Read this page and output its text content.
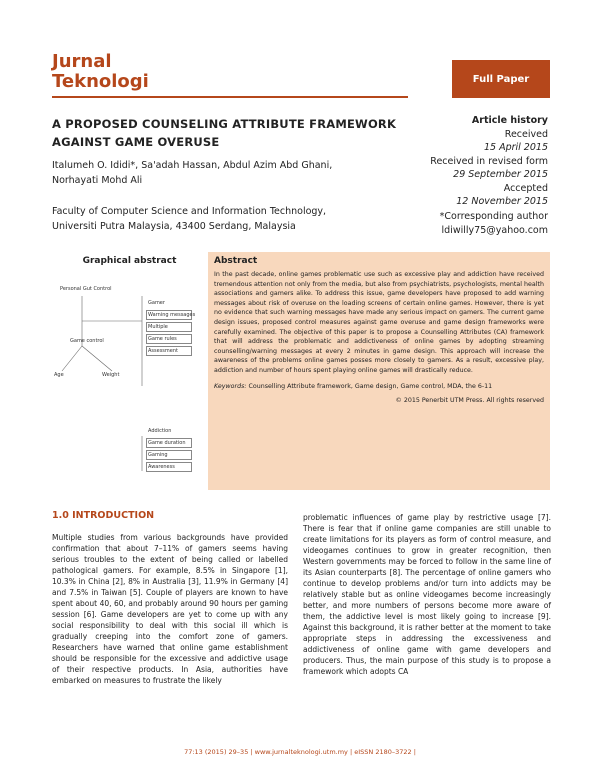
Jurnal
Teknologi	Full Paper
A PROPOSED COUNSELING ATTRIBUTE FRAMEWORK
AGAINST GAME OVERUSE
Italumeh O. Ididi*, Sa'adah Hassan, Abdul Azim Abd Ghani,
Norhayati Mohd Ali
Faculty of Computer Science and Information Technology,
Universiti Putra Malaysia, 43400 Serdang, Malaysia
Article history
Received
15 April 2015
Received in revised form
29 September 2015
Accepted
12 November 2015
*Corresponding author
ldiwilly75@yahoo.com
Graphical abstract
Personal Gut Control
Game control
Age	Weight
Gamer
Warning messages
Multiple
Game rules
Assessment
Addiction
Game duration
Gaming
Awareness
Abstract
In the past decade, online games problematic use such as excessive play and addiction have received tremendous attention not only from the media, but also from psychiatrists, psychologists, mental health associations and gamers alike. To address this issue, game developers have proposed to add warning messages about risk of overuse on the loading screens of certain online games. However, there is yet no evidence that such warning messages have made any serious impact on gamers. The current game design issues, proposed control measures against game overuse and game design frameworks were carefully examined. The objective of this paper is to propose a Counselling Attributes (CA) framework that will address the problematic and addictiveness of online games by adopting streaming counselling/warning messages at every 2 minutes in game design. This approach will increase the awareness of the problems online games posses more closely to gamers. As a result, excessive play, addiction and number of hours spent playing online games will drastically reduce.
Keywords: Counselling Attribute framework, Game design, Game control, MDA, the 6-11
© 2015 Penerbit UTM Press. All rights reserved
1.0 INTRODUCTION
Multiple studies from various backgrounds have provided confirmation that about 7–11% of gamers seems having serious troubles to the extent of being called or labelled pathological gamers. For example, 8.5% in Singapore [1], 10.3% in China [2], 8% in Australia [3], 11.9% in Germany [4] and 7.5% in Taiwan [5]. Couple of players are known to have spent about 40, 60, and probably around 90 hours per gaming session [6]. Game developers are yet to come up with any social responsibility to deal with this social ill which is gradually creeping into the comfort zone of gamers. Researchers have warned that online game establishment should be responsible for the excessive and addictive usage of their respective products. In Asia, authorities have embarked on measures to frustrate the likely
problematic influences of game play by restrictive usage [7]. There is fear that if online game companies are still unable to create limitations for its players as form of control measure, and videogames continues to grow in greater recognition, then Western governments may be forced to follow in the same line of its Asian counterparts [8]. The percentage of online gamers who continue to develop problems and/or turn into addicts may be relatively stable but as online videogames become increasingly better, and more numbers of persons become more aware of them, the addictive level is most likely going to increase [9]. Against this background, it is rather better at the moment to take appropriate steps in addressing the excessiveness and addictiveness of online game with game developers and producers. Thus, the main purpose of this study is to propose a framework which adopts CA
77:13 (2015) 29–35 | www.jurnalteknologi.utm.my | eISSN 2180–3722 |
